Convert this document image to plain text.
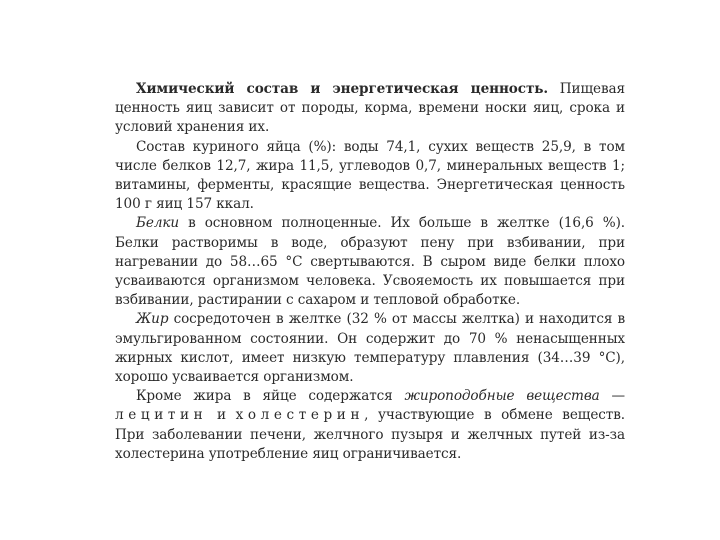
Химический состав и энергетическая ценность. Пищевая ценность яиц зависит от породы, корма, времени носки яиц, срока и условий хранения их.

Состав куриного яйца (%): воды 74,1, сухих веществ 25,9, в том числе белков 12,7, жира 11,5, углеводов 0,7, минеральных веществ 1; витамины, ферменты, красящие вещества. Энергетическая ценность 100 г яиц 157 ккал.

Белки в основном полноценные. Их больше в желтке (16,6 %). Белки растворимы в воде, образуют пену при взбивании, при нагревании до 58…65 °С свертываются. В сыром виде белки плохо усваиваются организмом человека. Усвояемость их повышается при взбивании, растирании с сахаром и тепловой обработке.

Жир сосредоточен в желтке (32 % от массы желтка) и находится в эмульгированном состоянии. Он содержит до 70 % ненасыщенных жирных кислот, имеет низкую температуру плавления (34…39 °С), хорошо усваивается организмом.

Кроме жира в яйце содержатся жироподобные вещества — лецитин и холестерин, участвующие в обмене веществ. При заболевании печени, желчного пузыря и желчных путей из-за холестерина употребление яиц ограничивается.
